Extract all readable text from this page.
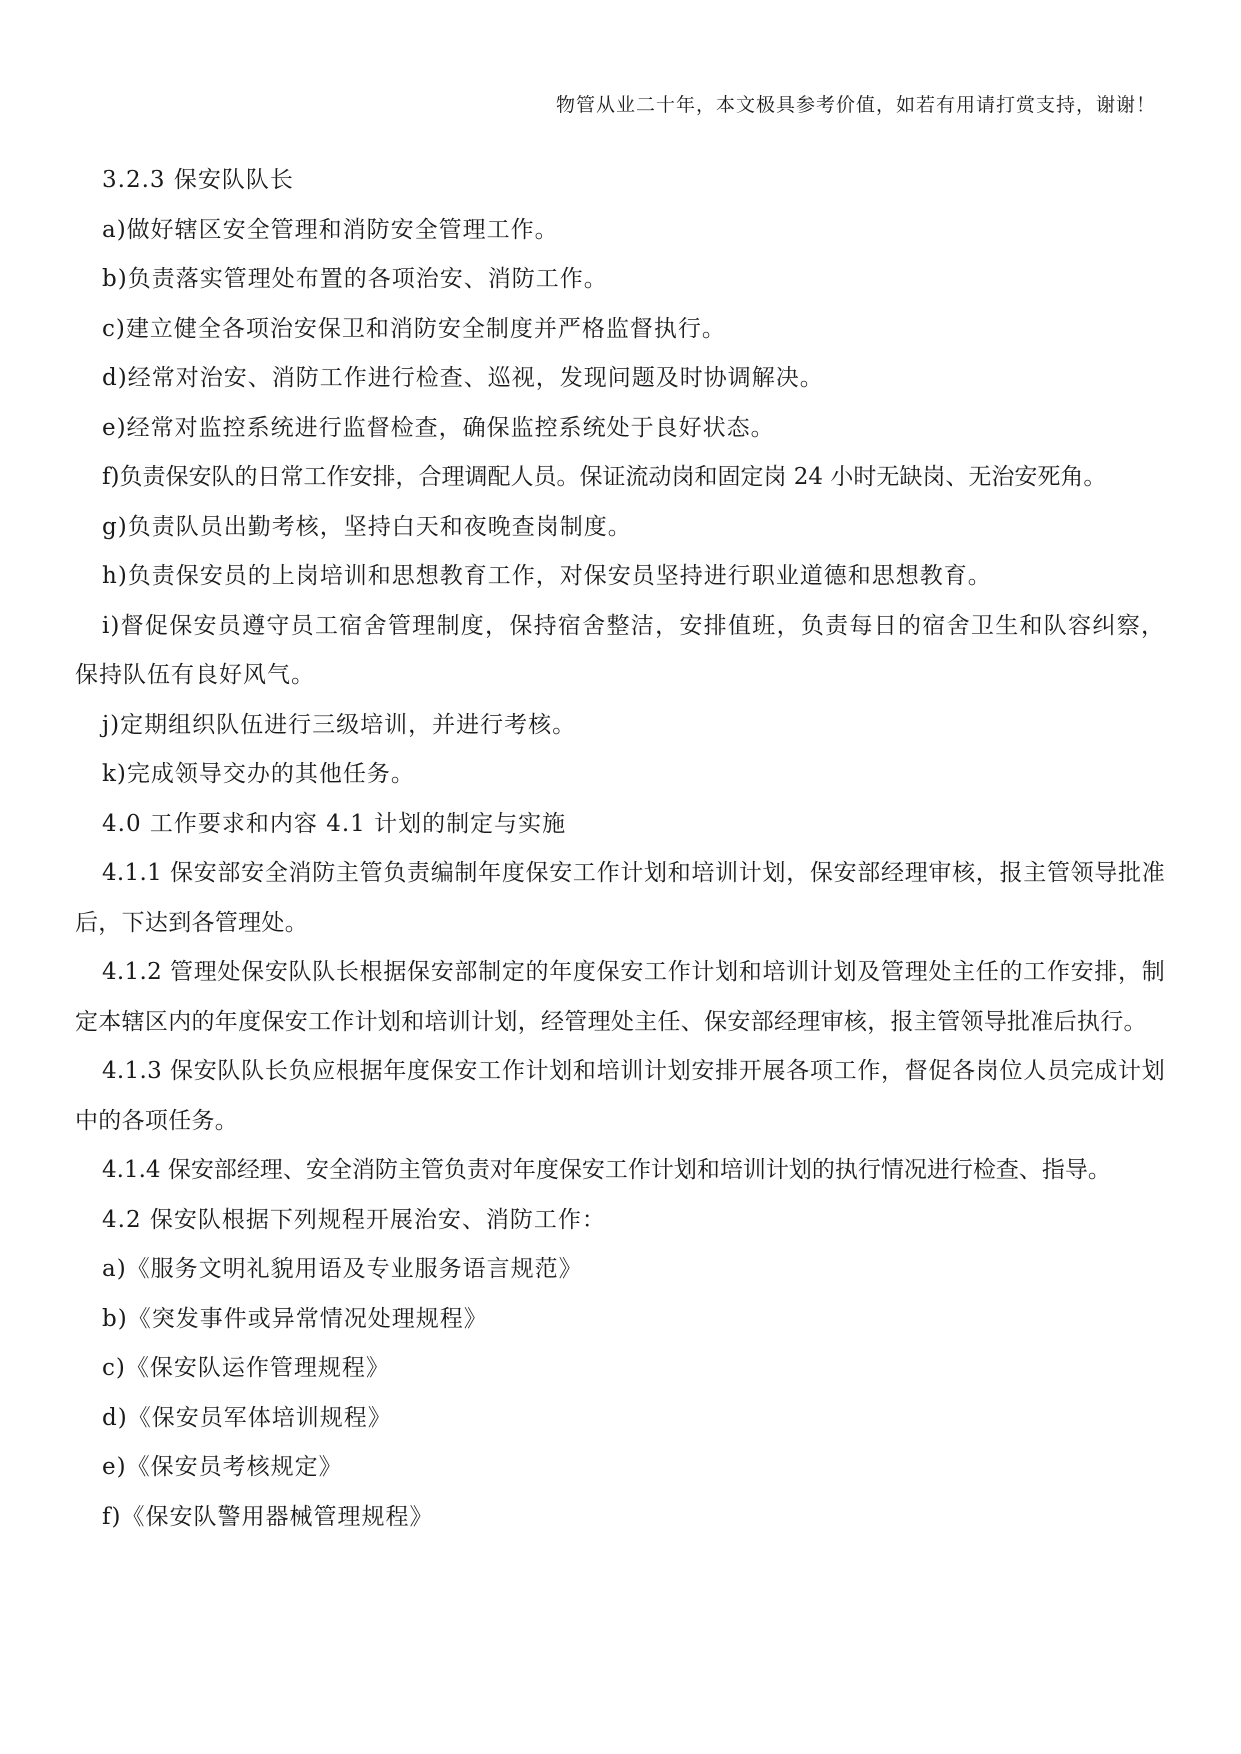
物管从业二十年，本文极具参考价值，如若有用请打赏支持，谢谢！

3.2.3 保安队队长

a)做好辖区安全管理和消防安全管理工作。

b)负责落实管理处布置的各项治安、消防工作。

c)建立健全各项治安保卫和消防安全制度并严格监督执行。

d)经常对治安、消防工作进行检查、巡视，发现问题及时协调解决。

e)经常对监控系统进行监督检查，确保监控系统处于良好状态。

f)负责保安队的日常工作安排，合理调配人员。保证流动岗和固定岗 24 小时无缺岗、无治安死角。

g)负责队员出勤考核，坚持白天和夜晚查岗制度。

h)负责保安员的上岗培训和思想教育工作，对保安员坚持进行职业道德和思想教育。

i)督促保安员遵守员工宿舍管理制度，保持宿舍整洁，安排值班，负责每日的宿舍卫生和队容纠察，保持队伍有良好风气。

j)定期组织队伍进行三级培训，并进行考核。

k)完成领导交办的其他任务。

4.0 工作要求和内容 4.1 计划的制定与实施

4.1.1 保安部安全消防主管负责编制年度保安工作计划和培训计划，保安部经理审核，报主管领导批准后，下达到各管理处。

4.1.2 管理处保安队队长根据保安部制定的年度保安工作计划和培训计划及管理处主任的工作安排，制定本辖区内的年度保安工作计划和培训计划，经管理处主任、保安部经理审核，报主管领导批准后执行。

4.1.3 保安队队长负应根据年度保安工作计划和培训计划安排开展各项工作，督促各岗位人员完成计划中的各项任务。

4.1.4 保安部经理、安全消防主管负责对年度保安工作计划和培训计划的执行情况进行检查、指导。

4.2 保安队根据下列规程开展治安、消防工作：

a)《服务文明礼貌用语及专业服务语言规范》

b)《突发事件或异常情况处理规程》

c)《保安队运作管理规程》

d)《保安员军体培训规程》

e)《保安员考核规定》

f)《保安队警用器械管理规程》
